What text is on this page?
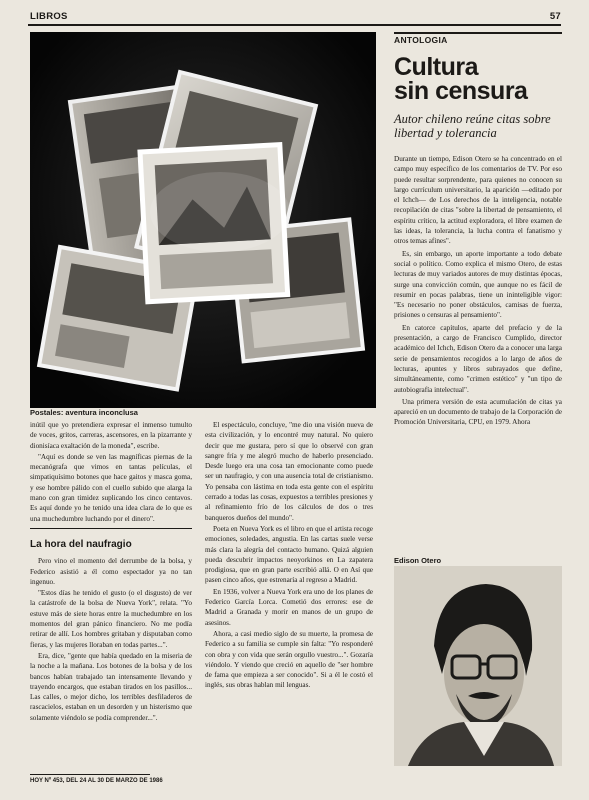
LIBROS	57
Postales: aventura inconclusa

inútil que yo pretendiera expresar el inmenso tumulto de voces, gritos, carreras, ascensores, en la pizarrante y dionisíaca exaltación de la moneda", escribe.

"Aquí es donde se ven las magníficas piernas de la mecanógrafa que vimos en tantas películas, el simpatiquísimo botones que hace gaitos y masca goma, y ese hombre pálido con el cuello subido que alarga la mano con gran timidez suplicando los cinco centavos. Es aquí donde yo he tenido una idea clara de lo que es una muchedumbre luchando por el dinero".

La hora del naufragio

Pero vino el momento del derrumbe de la bolsa, y Federico asistió a él como espectador ya no tan ingenuo.

"Estos días he tenido el gusto (o el disgusto) de ver la catástrofe de la bolsa de Nueva York", relata. "Yo estuve más de siete horas entre la muchedumbre en los momentos del gran pánico financiero. No me podía retirar de allí. Los hombres gritaban y disputaban como fieras, y las mujeres lloraban en todas partes...".

Era, dice, "gente que había quedado en la miseria de la noche a la mañana. Los botones de la bolsa y de los bancos habían trabajado tan intensamente llevando y trayendo encargos, que estaban tirados en los pasillos... Las calles, o mejor dicho, los terribles desfiladeros de rascacielos, estaban en un desorden y un histerismo que solamente viéndolo se podía comprender...".

El espectáculo, concluye, "me dio una visión nueva de esta civilización, y lo encontré muy natural. No quiero decir que me gustara, pero sí que lo observé con gran sangre fría y me alegró mucho de haberlo presenciado. Desde luego era una cosa tan emocionante como puede ser un naufragio, y con una ausencia total de cristianismo. Yo pensaba con lástima en toda esta gente con el espíritu cerrado a todas las cosas, expuestos a terribles presiones y al refinamiento frío de los cálculos de dos o tres banqueros dueños del mundo".

Poeta en Nueva York es el libro en que el artista recoge emociones, soledades, angustia. En las cartas suele verse más clara la alegría del contacto humano. Quizá alguien pueda descubrir impactos neoyorkinos en La zapatera prodigiosa, que en gran parte escribió allá. O en Así que pasen cinco años, que estrenaría al regreso a Madrid.

En 1936, volver a Nueva York era uno de los planes de Federico García Lorca. Cometió dos errores: ese de Madrid a Granada y morir en manos de un grupo de asesinos.

Ahora, a casi medio siglo de su muerte, la promesa de Federico a su familia se cumple sin falta: "Yo responderé con obra y con vida que serán orgullo vuestro...". Gozaría viéndolo. Y viendo que creció en aquello de "ser hombre de fama que empieza a ser conocido". Si a él le costó el inglés, sus obras hablan mil lenguas.

ANTOLOGIA
Cultura
sin censura
Autor chileno reúne citas sobre libertad y tolerancia

Durante un tiempo, Edison Otero se ha concentrado en el campo muy específico de los comentarios de TV. Por eso puede resultar sorprendente, para quienes no conocen su largo currículum universitario, la aparición —editado por el Ichch— de Los derechos de la inteligencia, notable recopilación de citas "sobre la libertad de pensamiento, el espíritu crítico, la actitud exploradora, el libre examen de las ideas, la tolerancia, la lucha contra el fanatismo y otros temas afines".

Es, sin embargo, un aporte importante a todo debate social o político. Como explica el mismo Otero, de estas lecturas de muy variados autores de muy distintas épocas, surge una convicción común, que aunque no es fácil de resumir en pocas palabras, tiene un ininteligible vigor: "Es necesario no poner obstáculos, camisas de fuerza, prisiones o censuras al pensamiento".

En catorce capítulos, aparte del prefacio y de la presentación, a cargo de Francisco Cumplido, director académico del Ichch, Edison Otero da a conocer una larga serie de pensamientos recogidos a lo largo de años de lecturas, apuntes y libros subrayados que define, simultáneamente, como "crimen estético" y "un tipo de autobiografía intelectual".

Una primera versión de esta acumulación de citas ya apareció en un documento de trabajo de la Corporación de Promoción Universitaria, CPU, en 1979. Ahora

Edison Otero
HOY Nº 453, DEL 24 AL 30 DE MARZO DE 1986
